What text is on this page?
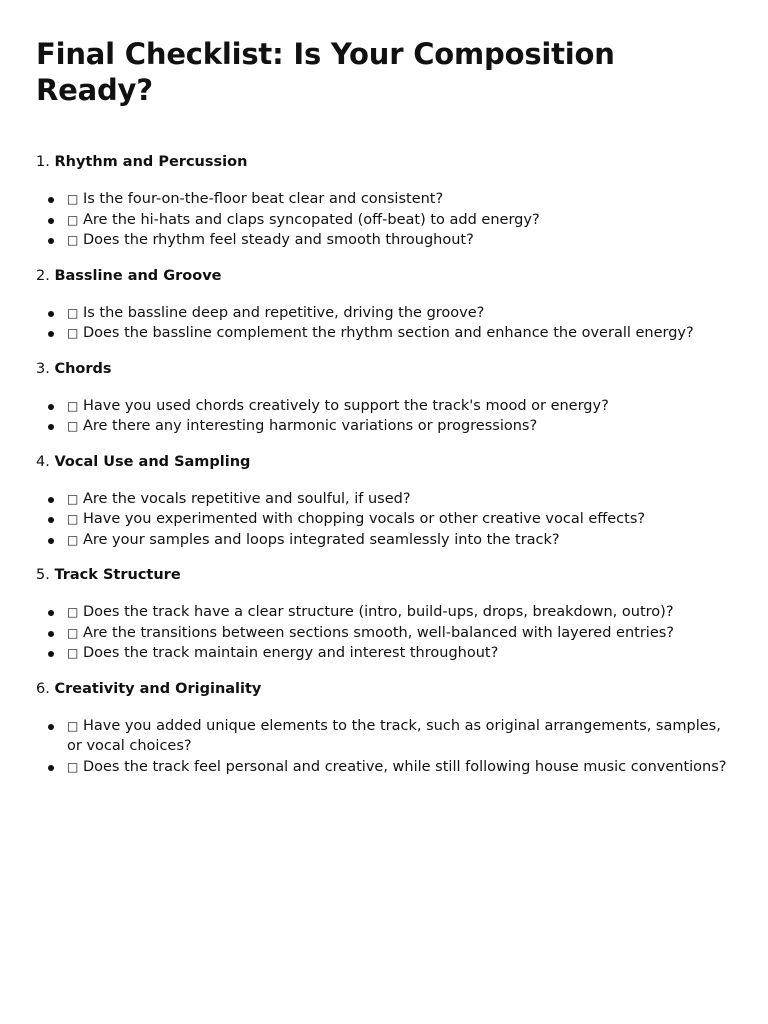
Final Checklist: Is Your Composition Ready?
1. Rhythm and Percussion
□ Is the four-on-the-floor beat clear and consistent?
□ Are the hi-hats and claps syncopated (off-beat) to add energy?
□ Does the rhythm feel steady and smooth throughout?
2. Bassline and Groove
□ Is the bassline deep and repetitive, driving the groove?
□ Does the bassline complement the rhythm section and enhance the overall energy?
3. Chords
□ Have you used chords creatively to support the track's mood or energy?
□ Are there any interesting harmonic variations or progressions?
4. Vocal Use and Sampling
□ Are the vocals repetitive and soulful, if used?
□ Have you experimented with chopping vocals or other creative vocal effects?
□ Are your samples and loops integrated seamlessly into the track?
5. Track Structure
□ Does the track have a clear structure (intro, build-ups, drops, breakdown, outro)?
□ Are the transitions between sections smooth, well-balanced with layered entries?
□ Does the track maintain energy and interest throughout?
6. Creativity and Originality
□ Have you added unique elements to the track, such as original arrangements, samples, or vocal choices?
□ Does the track feel personal and creative, while still following house music conventions?
